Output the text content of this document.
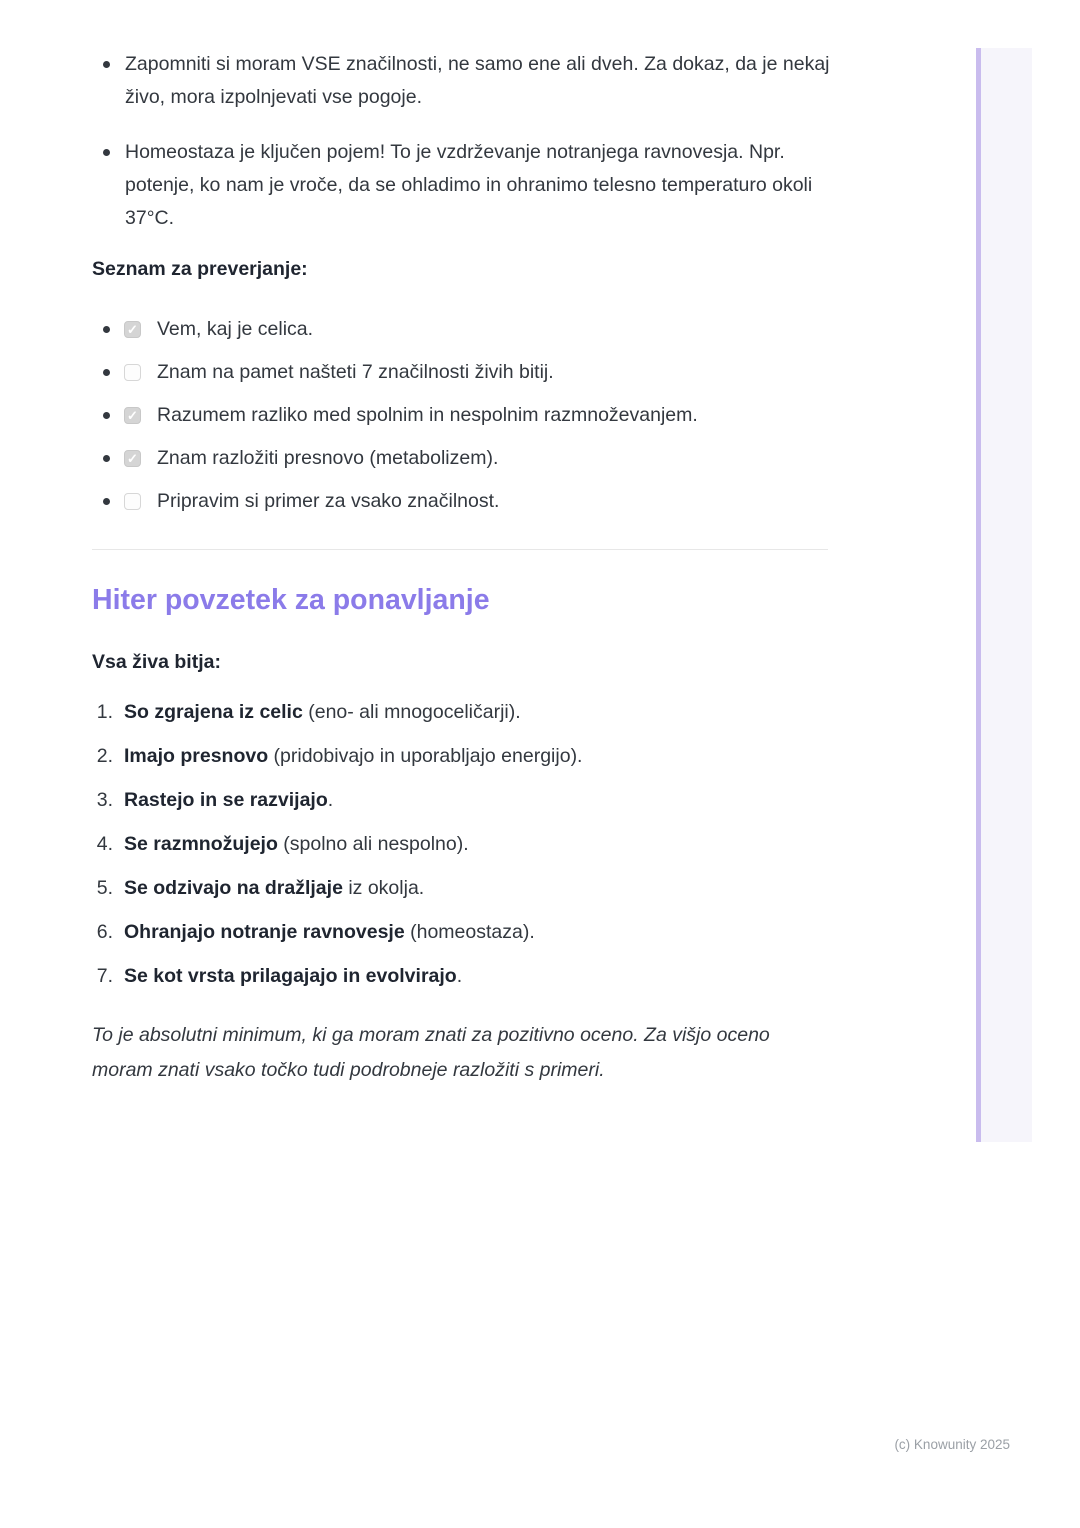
Zapomniti si moram VSE značilnosti, ne samo ene ali dveh. Za dokaz, da je nekaj živo, mora izpolnjevati vse pogoje.
Homeostaza je ključen pojem! To je vzdrževanje notranjega ravnovesja. Npr. potenje, ko nam je vroče, da se ohladimo in ohranimo telesno temperaturo okoli 37°C.
Seznam za preverjanje:
✓ Vem, kaj je celica.
Znam na pamet našteti 7 značilnosti živih bitij.
✓ Razumem razliko med spolnim in nespolnim razmnoževanjem.
✓ Znam razložiti presnovo (metabolizem).
Pripravim si primer za vsako značilnost.
Hiter povzetek za ponavljanje

Vsa živa bitja:

1. So zgrajena iz celic (eno- ali mnogoceličarji).
2. Imajo presnovo (pridobivajo in uporabljajo energijo).
3. Rastejo in se razvijajo.
4. Se razmnožujejo (spolno ali nespolno).
5. Se odzivajo na dražljaje iz okolja.
6. Ohranjajo notranje ravnovesje (homeostaza).
7. Se kot vrsta prilagajajo in evolvirajo.

To je absolutni minimum, ki ga moram znati za pozitivno oceno. Za višjo oceno moram znati vsako točko tudi podrobneje razložiti s primeri.

(c) Knowunity 2025
